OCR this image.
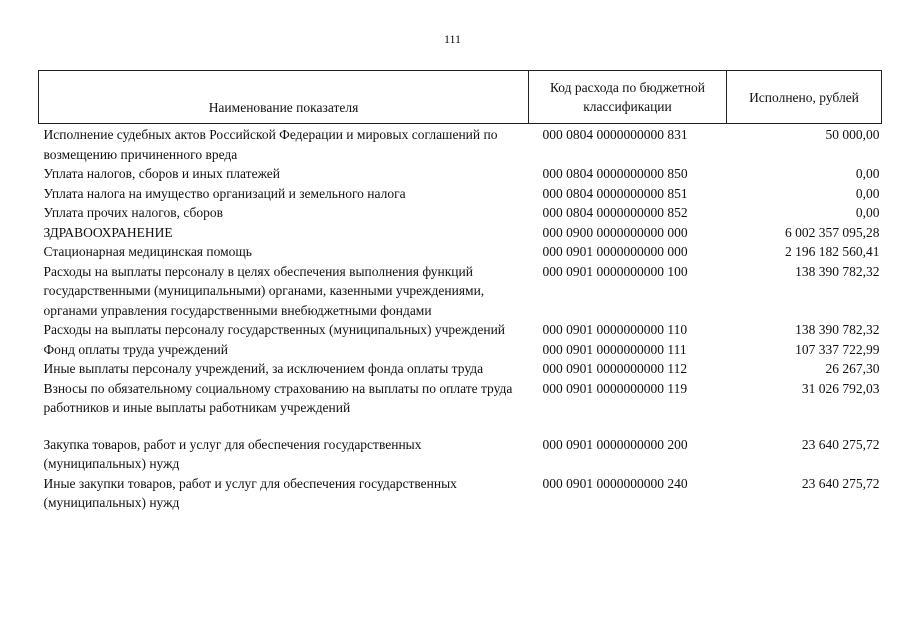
111
Наименование показателя	Код расхода по бюджетной классификации	Исполнено, рублей
Исполнение судебных актов Российской Федерации и мировых соглашений по возмещению причиненного вреда	000 0804 0000000000 831	50 000,00
Уплата налогов, сборов и иных платежей	000 0804 0000000000 850	0,00
Уплата налога на имущество организаций и земельного налога	000 0804 0000000000 851	0,00
Уплата прочих налогов, сборов	000 0804 0000000000 852	0,00
ЗДРАВООХРАНЕНИЕ	000 0900 0000000000 000	6 002 357 095,28
Стационарная медицинская помощь	000 0901 0000000000 000	2 196 182 560,41
Расходы на выплаты персоналу в целях обеспечения выполнения функций государственными (муниципальными) органами, казенными учреждениями, органами управления государственными внебюджетными фондами	000 0901 0000000000 100	138 390 782,32
Расходы на выплаты персоналу государственных (муниципальных) учреждений	000 0901 0000000000 110	138 390 782,32
Фонд оплаты труда учреждений	000 0901 0000000000 111	107 337 722,99
Иные выплаты персоналу учреждений, за исключением фонда оплаты труда	000 0901 0000000000 112	26 267,30
Взносы по обязательному социальному страхованию на выплаты по оплате труда работников и иные выплаты работникам учреждений	000 0901 0000000000 119	31 026 792,03
Закупка товаров, работ и услуг для обеспечения государственных (муниципальных) нужд	000 0901 0000000000 200	23 640 275,72
Иные закупки товаров, работ и услуг для обеспечения государственных (муниципальных) нужд	000 0901 0000000000 240	23 640 275,72
